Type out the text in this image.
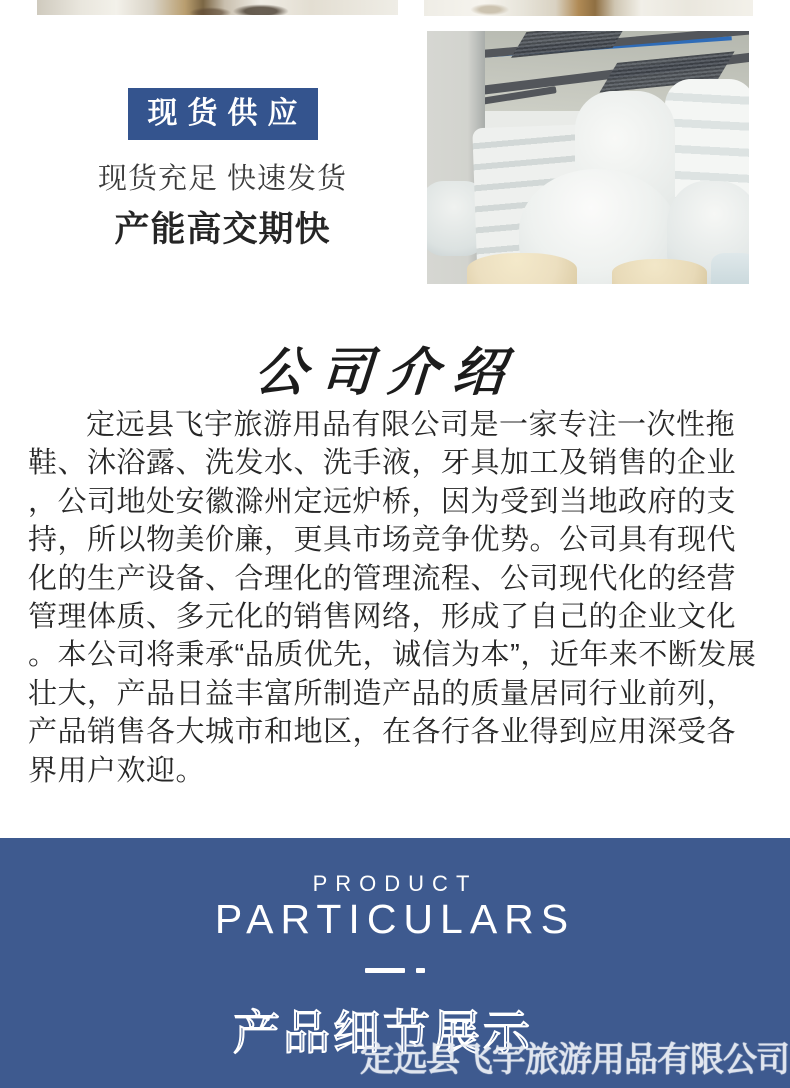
现货供应
现货充足 快速发货
产能高交期快
公司介绍

定远县飞宇旅游用品有限公司是一家专注一次性拖鞋、沐浴露、洗发水、洗手液，牙具加工及销售的企业，公司地处安徽滁州定远炉桥，因为受到当地政府的支持，所以物美价廉，更具市场竞争优势。公司具有现代化的生产设备、合理化的管理流程、公司现代化的经营管理体质、多元化的销售网络，形成了自己的企业文化。本公司将秉承“品质优先，诚信为本”，近年来不断发展壮大，产品日益丰富所制造产品的质量居同行业前列，产品销售各大城市和地区，在各行各业得到应用深受各界用户欢迎。

PRODUCT
PARTICULARS
产品细节展示
定远县飞宇旅游用品有限公司
